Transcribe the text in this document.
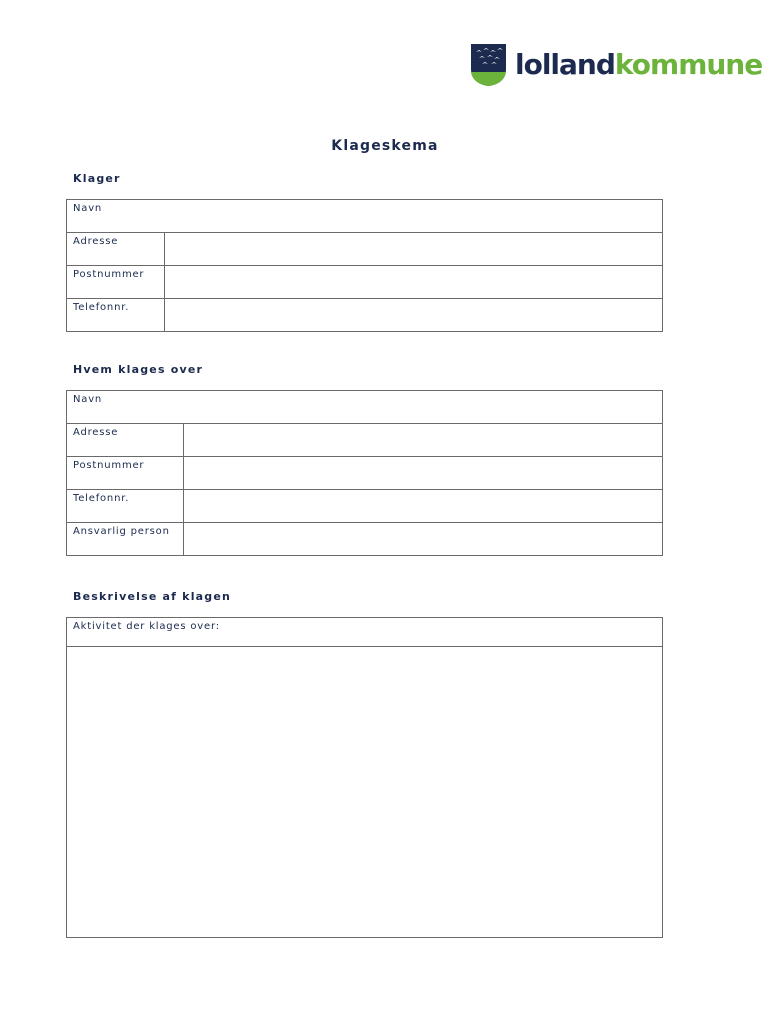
lollandkommune
Klageskema
Klager
Navn	
Adresse	
Postnummer	
Telefonnr.	
Hvem klages over
Navn	
Adresse	
Postnummer	
Telefonnr.	
Ansvarlig person	
Beskrivelse af klagen
Aktivitet der klages over:
